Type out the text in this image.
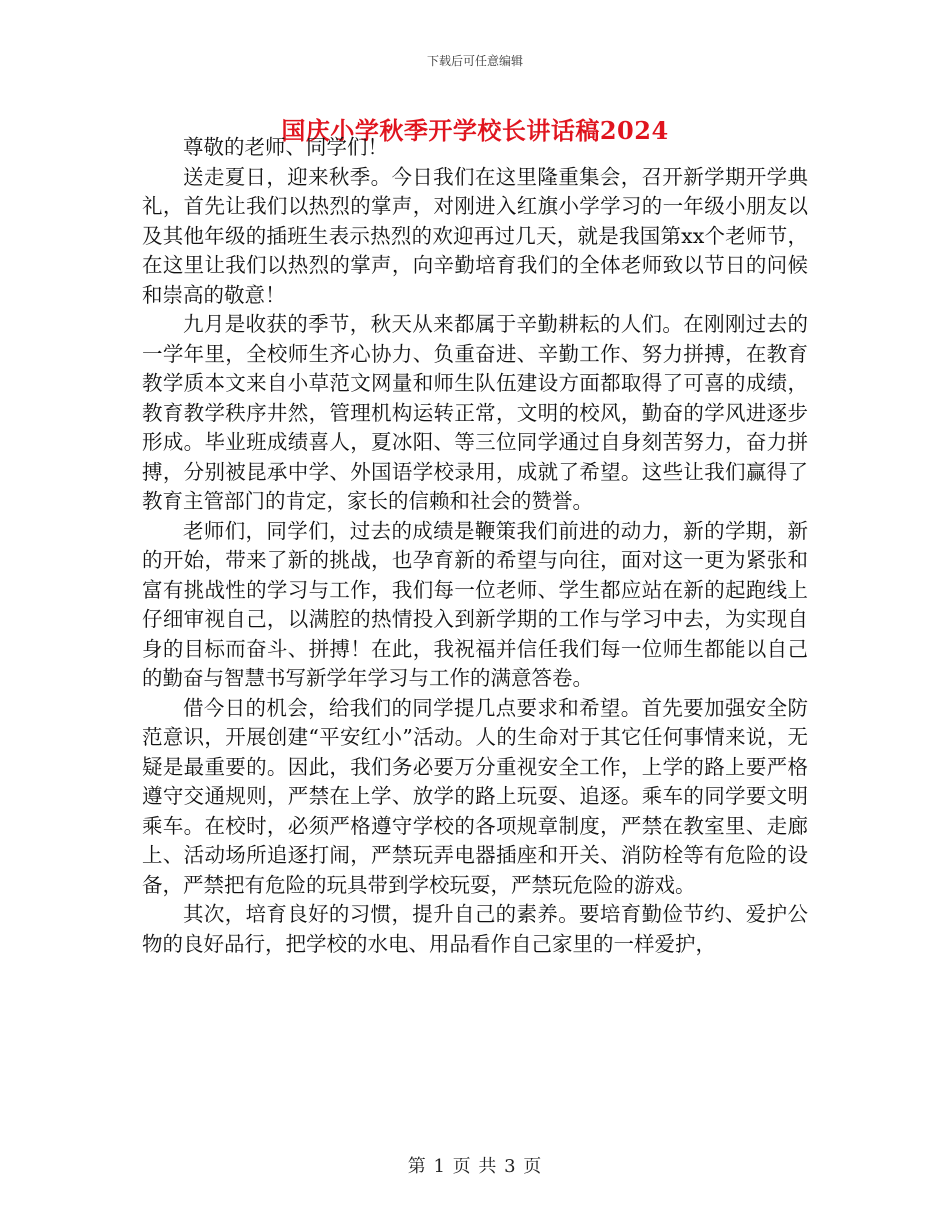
下载后可任意编辑
国庆小学秋季开学校长讲话稿2024

尊敬的老师、同学们！

送走夏日，迎来秋季。今日我们在这里隆重集会，召开新学期开学典礼，首先让我们以热烈的掌声，对刚进入红旗小学学习的一年级小朋友以及其他年级的插班生表示热烈的欢迎再过几天，就是我国第xx个老师节，在这里让我们以热烈的掌声，向辛勤培育我们的全体老师致以节日的问候和崇高的敬意！

九月是收获的季节，秋天从来都属于辛勤耕耘的人们。在刚刚过去的一学年里，全校师生齐心协力、负重奋进、辛勤工作、努力拼搏，在教育教学质本文来自小草范文网量和师生队伍建设方面都取得了可喜的成绩，教育教学秩序井然，管理机构运转正常，文明的校风，勤奋的学风进逐步形成。毕业班成绩喜人，夏冰阳、等三位同学通过自身刻苦努力，奋力拼搏，分别被昆承中学、外国语学校录用，成就了希望。这些让我们赢得了教育主管部门的肯定，家长的信赖和社会的赞誉。

老师们，同学们，过去的成绩是鞭策我们前进的动力，新的学期，新的开始，带来了新的挑战，也孕育新的希望与向往，面对这一更为紧张和富有挑战性的学习与工作，我们每一位老师、学生都应站在新的起跑线上仔细审视自己，以满腔的热情投入到新学期的工作与学习中去，为实现自身的目标而奋斗、拼搏！在此，我祝福并信任我们每一位师生都能以自己的勤奋与智慧书写新学年学习与工作的满意答卷。

借今日的机会，给我们的同学提几点要求和希望。首先要加强安全防范意识，开展创建“平安红小”活动。人的生命对于其它任何事情来说，无疑是最重要的。因此，我们务必要万分重视安全工作，上学的路上要严格遵守交通规则，严禁在上学、放学的路上玩耍、追逐。乘车的同学要文明乘车。在校时，必须严格遵守学校的各项规章制度，严禁在教室里、走廊上、活动场所追逐打闹，严禁玩弄电器插座和开关、消防栓等有危险的设备，严禁把有危险的玩具带到学校玩耍，严禁玩危险的游戏。

其次，培育良好的习惯，提升自己的素养。要培育勤俭节约、爱护公物的良好品行，把学校的水电、用品看作自己家里的一样爱护，

第 1 页 共 3 页
